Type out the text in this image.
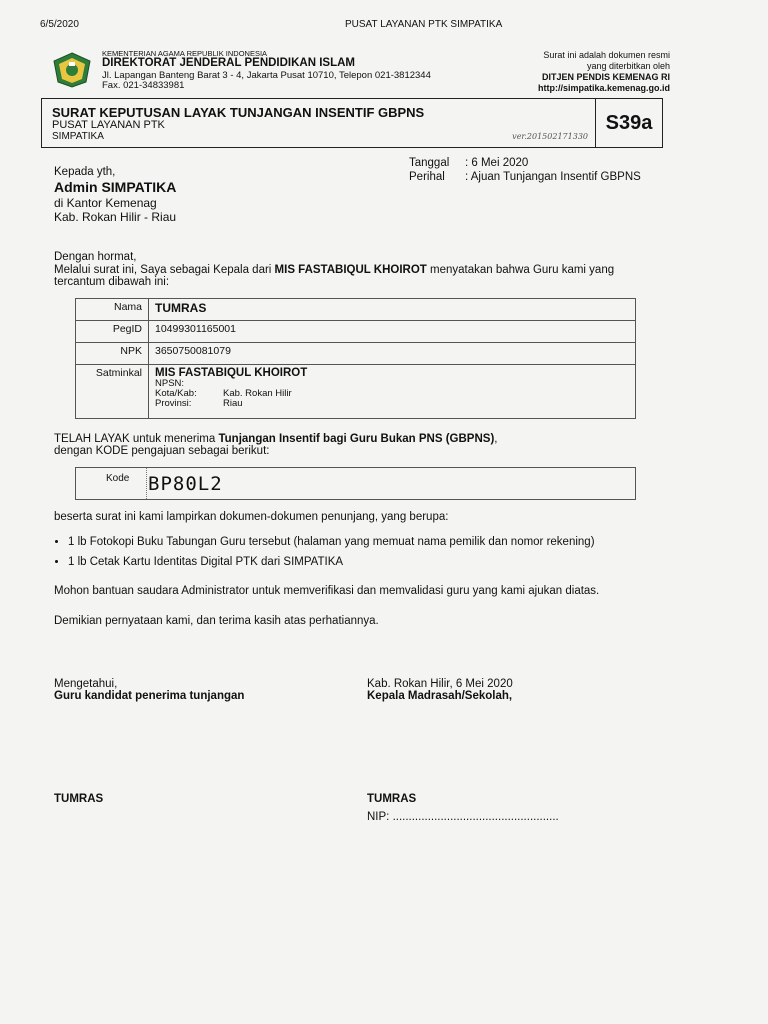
6/5/2020	PUSAT LAYANAN PTK SIMPATIKA
KEMENTERIAN AGAMA REPUBLIK INDONESIA
DIREKTORAT JENDERAL PENDIDIKAN ISLAM
Jl. Lapangan Banteng Barat 3 - 4, Jakarta Pusat 10710, Telepon 021-3812344
Fax. 021-34833981
Surat ini adalah dokumen resmi
yang diterbitkan oleh
DITJEN PENDIS KEMENAG RI
http://simpatika.kemenag.go.id
SURAT KEPUTUSAN LAYAK TUNJANGAN INSENTIF GBPNS
PUSAT LAYANAN PTK
SIMPATIKA	ver.201502171330
S39a
Kepada yth,
Admin SIMPATIKA
di Kantor Kemenag
Kab. Rokan Hilir - Riau
Tanggal : 6 Mei 2020
Perihal : Ajuan Tunjangan Insentif GBPNS
Dengan hormat,
Melalui surat ini, Saya sebagai Kepala dari MIS FASTABIQUL KHOIROT menyatakan bahwa Guru kami yang
tercantum dibawah ini:
Nama	TUMRAS
PegID	10499301165001
NPK	3650750081079
Satminkal	MIS FASTABIQUL KHOIROT
NPSN:
Kota/Kab: Kab. Rokan Hilir
Provinsi: Riau
TELAH LAYAK untuk menerima Tunjangan Insentif bagi Guru Bukan PNS (GBPNS),
dengan KODE pengajuan sebagai berikut:
Kode BP80L2
beserta surat ini kami lampirkan dokumen-dokumen penunjang, yang berupa:
• 1 lb Fotokopi Buku Tabungan Guru tersebut (halaman yang memuat nama pemilik dan nomor rekening)
• 1 lb Cetak Kartu Identitas Digital PTK dari SIMPATIKA
Mohon bantuan saudara Administrator untuk memverifikasi dan memvalidasi guru yang kami ajukan diatas.
Demikian pernyataan kami, dan terima kasih atas perhatiannya.
Mengetahui,
Guru kandidat penerima tunjangan
TUMRAS
Kab. Rokan Hilir, 6 Mei 2020
Kepala Madrasah/Sekolah,
TUMRAS
NIP: ....................................................
